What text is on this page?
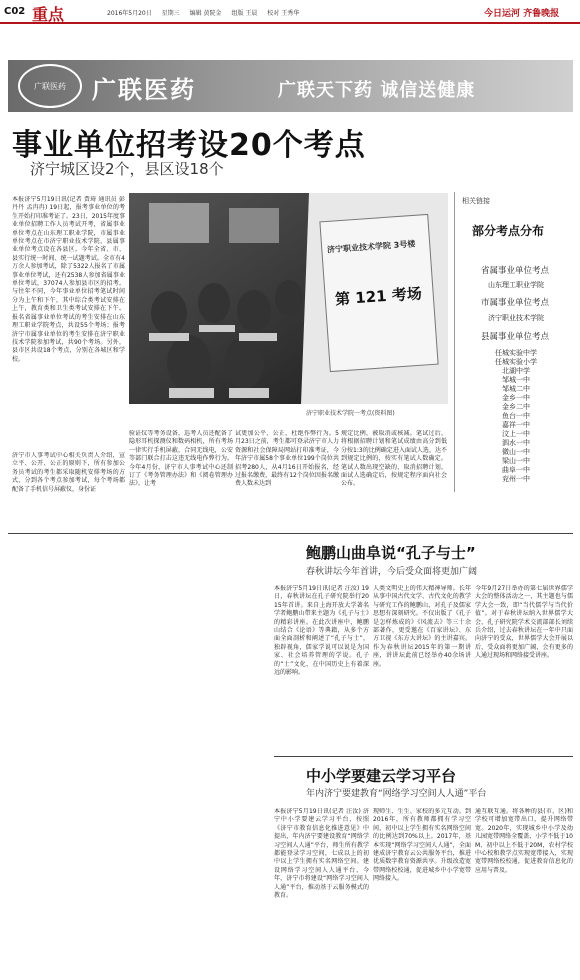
C02 重点	2016年5月20日 星期三 编辑 黄院金 组版 王晨 校对 王秀华	今日运河 齐鲁晚报
广联医药	广联医药	广联天下药 诚信送健康
事业单位招考设20个考点
济宁城区设2个，县区设18个
本报济宁5月19日讯(记者 贾琦 通讯员 彭丹丹 孟冉冉) 19日起，报考事业单位的考生开始打印准考证了。23日，2015年度事业单位招聘工作人员考试开考，省属事业单位考点在山东理工职业学院，市属事业单位考点在市济宁职业技术学院，县属事业单位考点设在各县区。今年全省、市、县实行统一时间、统一试题考试。全市有4万余人参加考试，除了5322人报名了市属事业单位考试，还有2538人参加省属事业单位考试，37074人参加县市区的招考。与往年不同，今年事业单位招考笔试时间分为上午和下午，其中综合类考试安排在上午，教育类和卫生类考试安排在下午。报名省属事业单位考试的考生安排在山东理工职业学院考点，共设55个考场；报考济宁市属事业单位的考生安排在济宁职业技术学院参加考试，共90个考场。另外，县市区共设18个考点，分别在各城区和学校。
济宁市人事考试中心相关负责人介绍，宣立平、公开、公正的原则下，所有参加公务员考试的考生都采取随机安排考场的方式，分到各个考点参加考试，每个考场都配备了手机信号屏蔽仪，身份证
验证仪等考务设备，巡考人员还配备了隐形耳机探测仪和数码相机，所有考场一律实行手机屏蔽，合同无线电，公安等部门联合打击这违无线电作弊行为。今年4月份，济宁市人事考试中心还制订了《考务管理办法》和《阅卷管理办法》，让考
试更加公平、公正，杜绝作弊行为。5月23日之前，考生都可登录济宁市人力资源和社会保障局网站打印准考证，今年济宁市属58个事业单位199个岗位共招考280人，从4月16日开始报名，经过报名缴费，最终有12个岗位因报名缴费人数未达到
规定比例，被取消或核减。笔试过后，将根据招聘计划和笔试成绩由高分到低分按1:3的比例确定进入面试人选，达不到规定比例的，按实有笔试人数确定。笔试人数出现空缺的，取消招聘计划，面试人选确定后，按规定程序面向社会公布。
济宁职业技术学院 3号楼
第 121 考场
济宁职业技术学院一考点(资料图)
相关链接
部分考点分布
省属事业单位考点
山东理工职业学院
市属事业单位考点
济宁职业技术学院
县属事业单位考点
任城实验中学
任城实验小学
北湖中学
邹城一中
邹城二中
金乡一中
金乡二中
鱼台一中
嘉祥一中
汶上一中
泗水一中
微山一中
梁山一中
曲阜一中
兖州一中
鲍鹏山曲阜说“孔子与士”
春秋讲坛今年首讲，今后受众面将更加广阔
本报济宁5月19日讯(记者 汪汝) 19日，春秋讲坛在孔子研究院举行2015年首讲。来自上海开放大学著名学者鲍鹏山带来主题为《孔子与士》的精彩讲座。在此次讲座中，鲍鹏山结合《论语》等典籍，从多个方面全面剖析和阐述了“孔子与士”，独辟视角，儒家学说可以说是为国家、社会培养管理的学说。孔子的“士”文化，在中国历史上有着深远的影响。
人类文明史上的伟大精神导师。长年从事中国古代文学、古代文化的教学与研究工作的鲍鹏山，对孔子及儒家思想有深刻研究。不仅出版了《孔子是怎样炼成的》《风流去》等三十余部著作，更受邀在《百家讲坛》、东方卫视《东方大讲坛》的主讲嘉宾。作为春秋讲坛2015年的第一期讲座，讲讲坛此前已经举办40余场讲座。
今年9月27日举办的第七届世界儒学大会的整体活动之一，其主题也与儒学大会一致，即“当代儒学与当代价值”。对于春秋讲坛纳入世界儒学大会，孔子研究院学术交流部部长刘续兵介绍，过去春秋讲坛在一年中只面向济宁的受众，世界儒学大会开展以后，受众面将更加广阔，会有更多的人通过现场和网络接受讲座。
中小学要建云学习平台
年内济宁要建教育“网络学习空间人人通”平台
本报济宁5月19日讯(记者 汪汝) 济宁中小学要建云学习平台，按照《济宁市教育信息化推进意见》中提出，年内济宁要建设教育“网络学习空间人人通”平台，师生所有教学都能登录学习空间，七成以上的初中以上学生拥有实名网络空间。建设网络学习空间人人通平台，今年，济宁市将建设“网络学习空间人人通”平台，推动基于云服务模式的教育。
现师生、生生、家校的多元互动。到2016年，所有教师都拥有学习空间，初中以上学生拥有实名网络空间的比例达到70%以上。2017年，基本实现“网络学习空间人人通”，全面建成济宁教育云公共服务平台，推进优质数字教育资源共享。升级改造宽带网络校校通，促进城乡中小学宽带网络接入。
通互联互通。将各种的县(市、区)和学校可增加宽带出口，提升网络带宽。2020年，实现城乡中小学及幼儿园宽带网络全覆盖，小学不低于10M、初中以上不低于20M，农村学校中心校和教学点实现宽带接入，实现宽带网络校校通，促进教育信息化的应用与普及。
